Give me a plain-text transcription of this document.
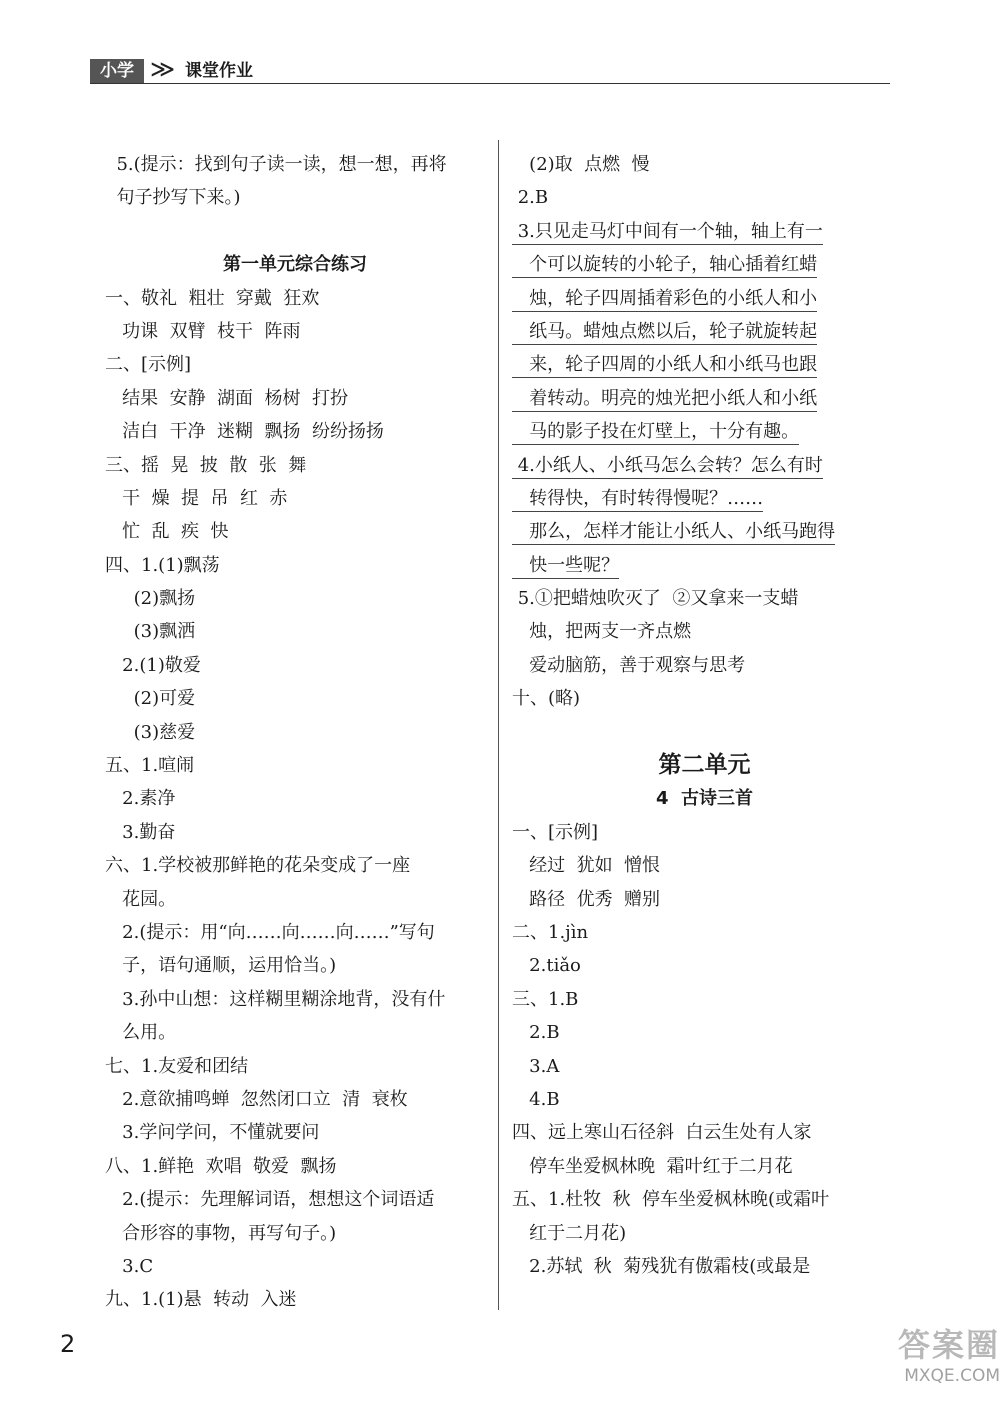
小学 ≫ 课堂作业
5.(提示：找到句子读一读，想一想，再将
句子抄写下来。)
第一单元综合练习
一、敬礼  粗壮  穿戴  狂欢
功课  双臂  枝干  阵雨
二、[示例]
结果  安静  湖面  杨树  打扮
洁白  干净  迷糊  飘扬  纷纷扬扬
三、摇  晃  披  散  张  舞
干  燥  提  吊  红  赤
忙  乱  疾  快
四、1.(1)飘荡
(2)飘扬
(3)飘洒
2.(1)敬爱
(2)可爱
(3)慈爱
五、1.喧闹
2.素净
3.勤奋
六、1.学校被那鲜艳的花朵变成了一座
花园。
2.(提示：用“向……向……向……”写句
子，语句通顺，运用恰当。)
3.孙中山想：这样糊里糊涂地背，没有什
么用。
七、1.友爱和团结
2.意欲捕鸣蝉  忽然闭口立  清  衰枚
3.学问学问，不懂就要问
八、1.鲜艳  欢唱  敬爱  飘扬
2.(提示：先理解词语，想想这个词语适
合形容的事物，再写句子。)
3.C
九、1.(1)悬  转动  入迷
(2)取  点燃  慢
2.B
3.只见走马灯中间有一个轴，轴上有一
个可以旋转的小轮子，轴心插着红蜡
烛，轮子四周插着彩色的小纸人和小
纸马。蜡烛点燃以后，轮子就旋转起
来，轮子四周的小纸人和小纸马也跟
着转动。明亮的烛光把小纸人和小纸
马的影子投在灯壁上，十分有趣。
4.小纸人、小纸马怎么会转？怎么有时
转得快，有时转得慢呢？……
那么，怎样才能让小纸人、小纸马跑得
快一些呢？
5.①把蜡烛吹灭了  ②又拿来一支蜡
烛，把两支一齐点燃
爱动脑筋，善于观察与思考
十、(略)
第二单元
4  古诗三首
一、[示例]
经过  犹如  憎恨
路径  优秀  赠别
二、1.jìn
2.tiǎo
三、1.B
2.B
3.A
4.B
四、远上寒山石径斜  白云生处有人家
停车坐爱枫林晚  霜叶红于二月花
五、1.杜牧  秋  停车坐爱枫林晚(或霜叶
红于二月花)
2.苏轼  秋  菊残犹有傲霜枝(或最是
2	答案圈
MXQE.COM
